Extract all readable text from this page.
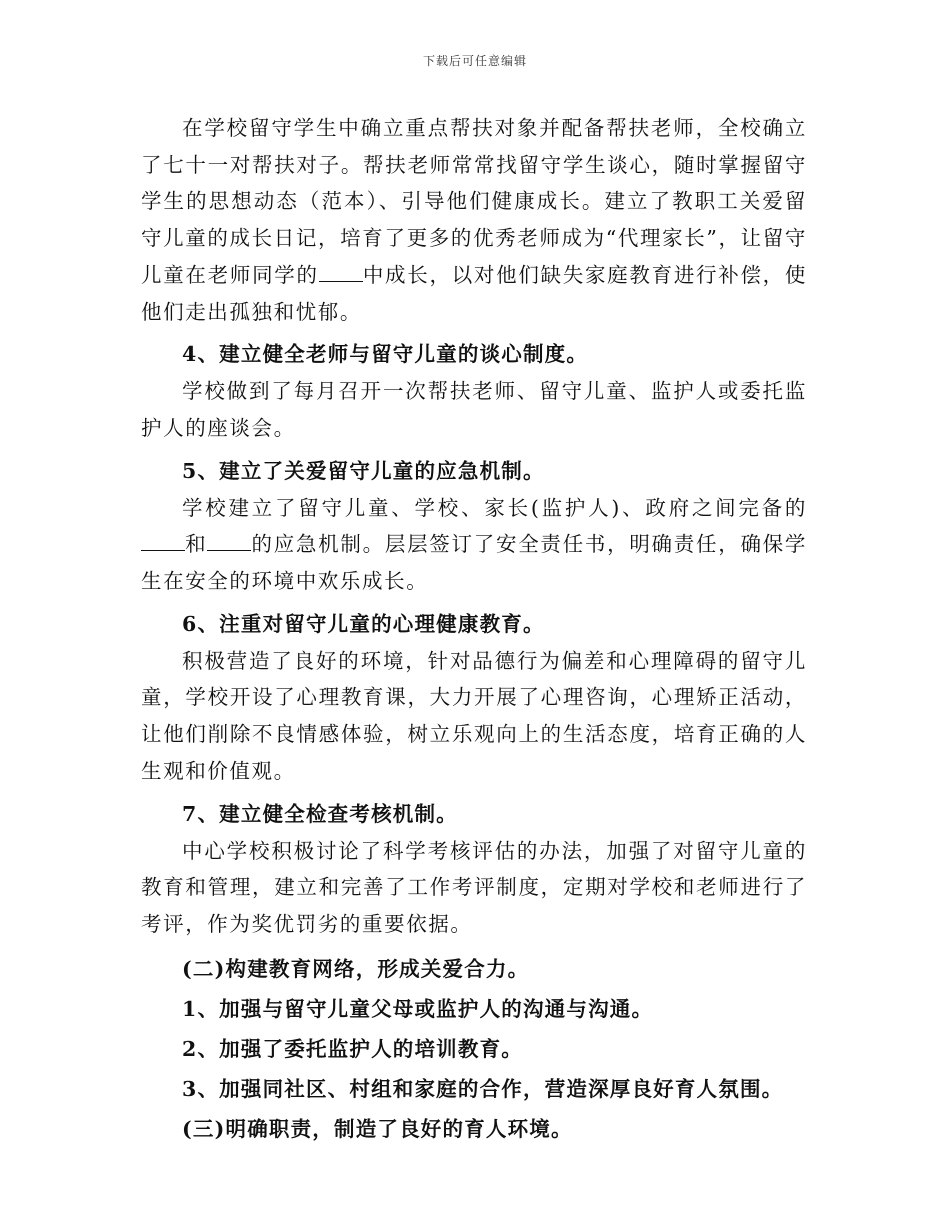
下载后可任意编辑

在学校留守学生中确立重点帮扶对象并配备帮扶老师，全校确立了七十一对帮扶对子。帮扶老师常常找留守学生谈心，随时掌握留守学生的思想动态（范本）、引导他们健康成长。建立了教职工关爱留守儿童的成长日记，培育了更多的优秀老师成为“代理家长”，让留守儿童在老师同学的 中成长，以对他们缺失家庭教育进行补偿，使他们走出孤独和忧郁。

4、建立健全老师与留守儿童的谈心制度。

学校做到了每月召开一次帮扶老师、留守儿童、监护人或委托监护人的座谈会。

5、建立了关爱留守儿童的应急机制。

学校建立了留守儿童、学校、家长(监护人)、政府之间完备的和 的应急机制。层层签订了安全责任书，明确责任，确保学生在安全的环境中欢乐成长。

6、注重对留守儿童的心理健康教育。

积极营造了良好的环境，针对品德行为偏差和心理障碍的留守儿童，学校开设了心理教育课，大力开展了心理咨询，心理矫正活动，让他们削除不良情感体验，树立乐观向上的生活态度，培育正确的人生观和价值观。

7、建立健全检查考核机制。

中心学校积极讨论了科学考核评估的办法，加强了对留守儿童的教育和管理，建立和完善了工作考评制度，定期对学校和老师进行了考评，作为奖优罚劣的重要依据。

(二)构建教育网络，形成关爱合力。

1、加强与留守儿童父母或监护人的沟通与沟通。

2、加强了委托监护人的培训教育。

3、加强同社区、村组和家庭的合作，营造深厚良好育人氛围。

(三)明确职责，制造了良好的育人环境。
